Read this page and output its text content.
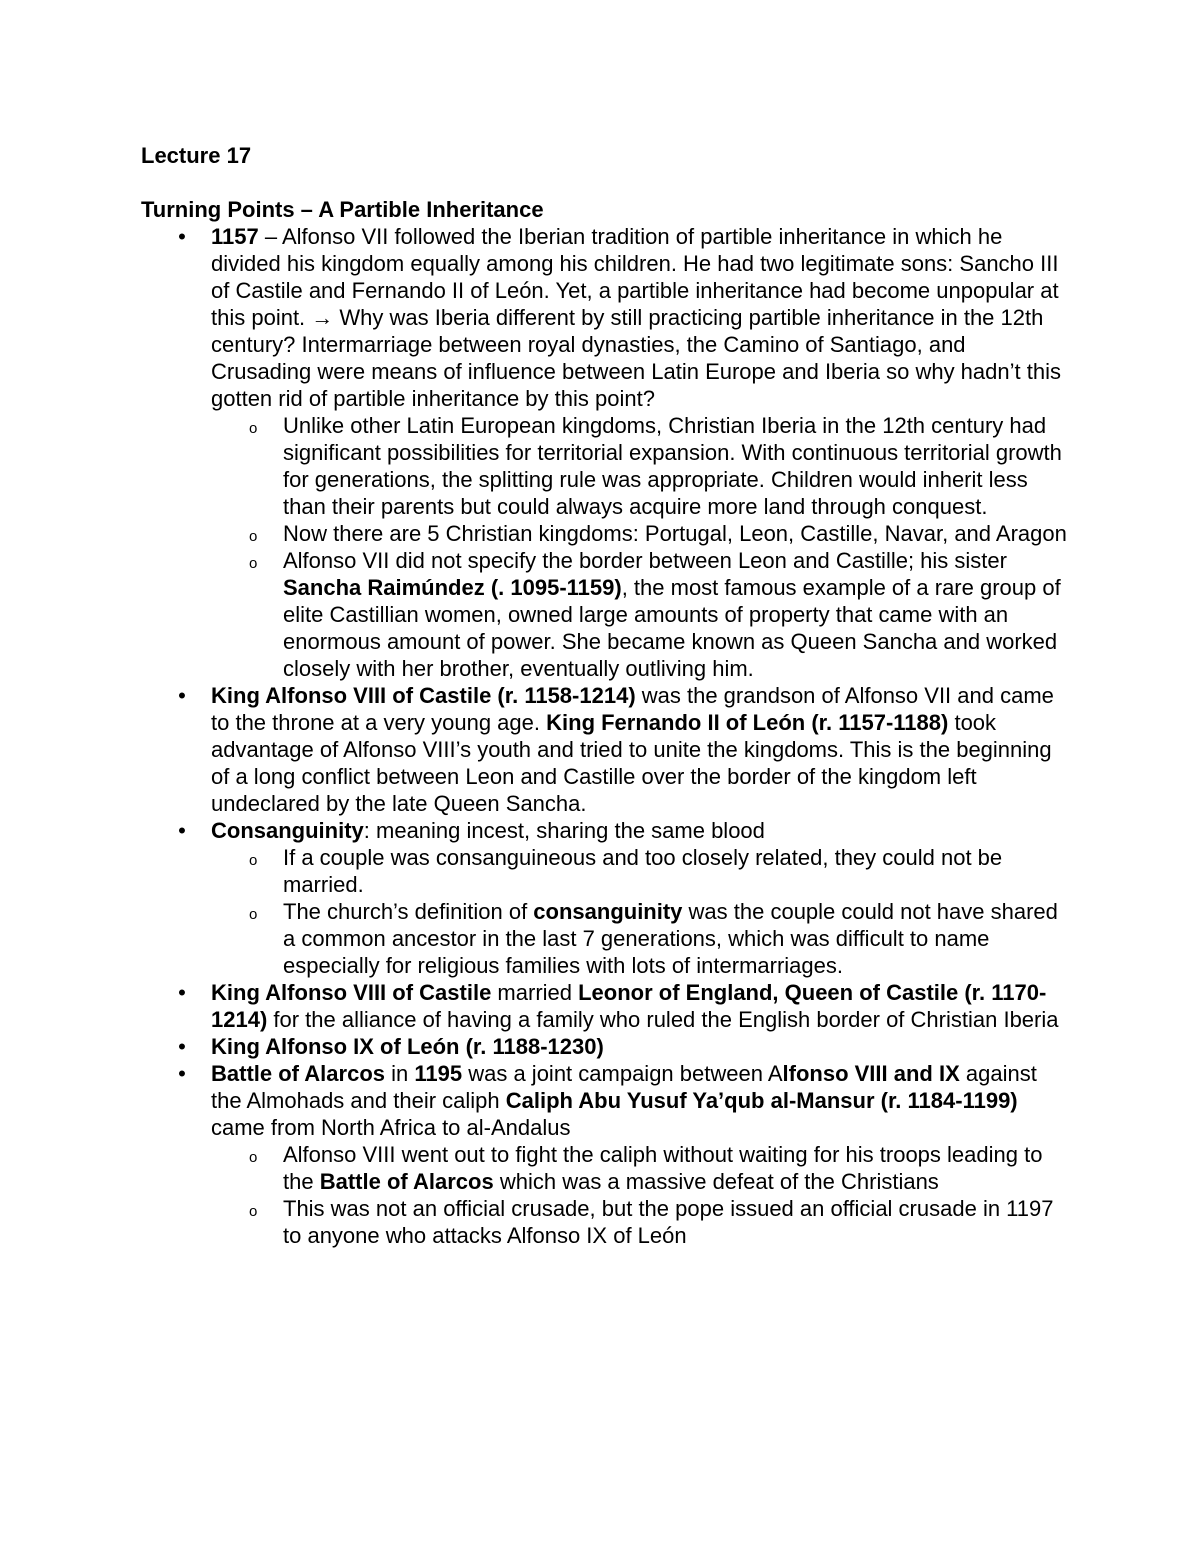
Lecture 17
Turning Points – A Partible Inheritance
• 1157 – Alfonso VII followed the Iberian tradition of partible inheritance in which he divided his kingdom equally among his children. He had two legitimate sons: Sancho III of Castile and Fernando II of León. Yet, a partible inheritance had become unpopular at this point. → Why was Iberia different by still practicing partible inheritance in the 12th century? Intermarriage between royal dynasties, the Camino of Santiago, and Crusading were means of influence between Latin Europe and Iberia so why hadn’t this gotten rid of partible inheritance by this point?
o Unlike other Latin European kingdoms, Christian Iberia in the 12th century had significant possibilities for territorial expansion. With continuous territorial growth for generations, the splitting rule was appropriate. Children would inherit less than their parents but could always acquire more land through conquest.
o Now there are 5 Christian kingdoms: Portugal, Leon, Castille, Navar, and Aragon
o Alfonso VII did not specify the border between Leon and Castille; his sister Sancha Raimúndez (. 1095-1159), the most famous example of a rare group of elite Castillian women, owned large amounts of property that came with an enormous amount of power. She became known as Queen Sancha and worked closely with her brother, eventually outliving him.
• King Alfonso VIII of Castile (r. 1158-1214) was the grandson of Alfonso VII and came to the throne at a very young age. King Fernando II of León (r. 1157-1188) took advantage of Alfonso VIII’s youth and tried to unite the kingdoms. This is the beginning of a long conflict between Leon and Castille over the border of the kingdom left undeclared by the late Queen Sancha.
• Consanguinity: meaning incest, sharing the same blood
o If a couple was consanguineous and too closely related, they could not be married.
o The church’s definition of consanguinity was the couple could not have shared a common ancestor in the last 7 generations, which was difficult to name especially for religious families with lots of intermarriages.
• King Alfonso VIII of Castile married Leonor of England, Queen of Castile (r. 1170-1214) for the alliance of having a family who ruled the English border of Christian Iberia
• King Alfonso IX of León (r. 1188-1230)
• Battle of Alarcos in 1195 was a joint campaign between Alfonso VIII and IX against the Almohads and their caliph Caliph Abu Yusuf Ya’qub al-Mansur (r. 1184-1199) came from North Africa to al-Andalus
o Alfonso VIII went out to fight the caliph without waiting for his troops leading to the Battle of Alarcos which was a massive defeat of the Christians
o This was not an official crusade, but the pope issued an official crusade in 1197 to anyone who attacks Alfonso IX of León
